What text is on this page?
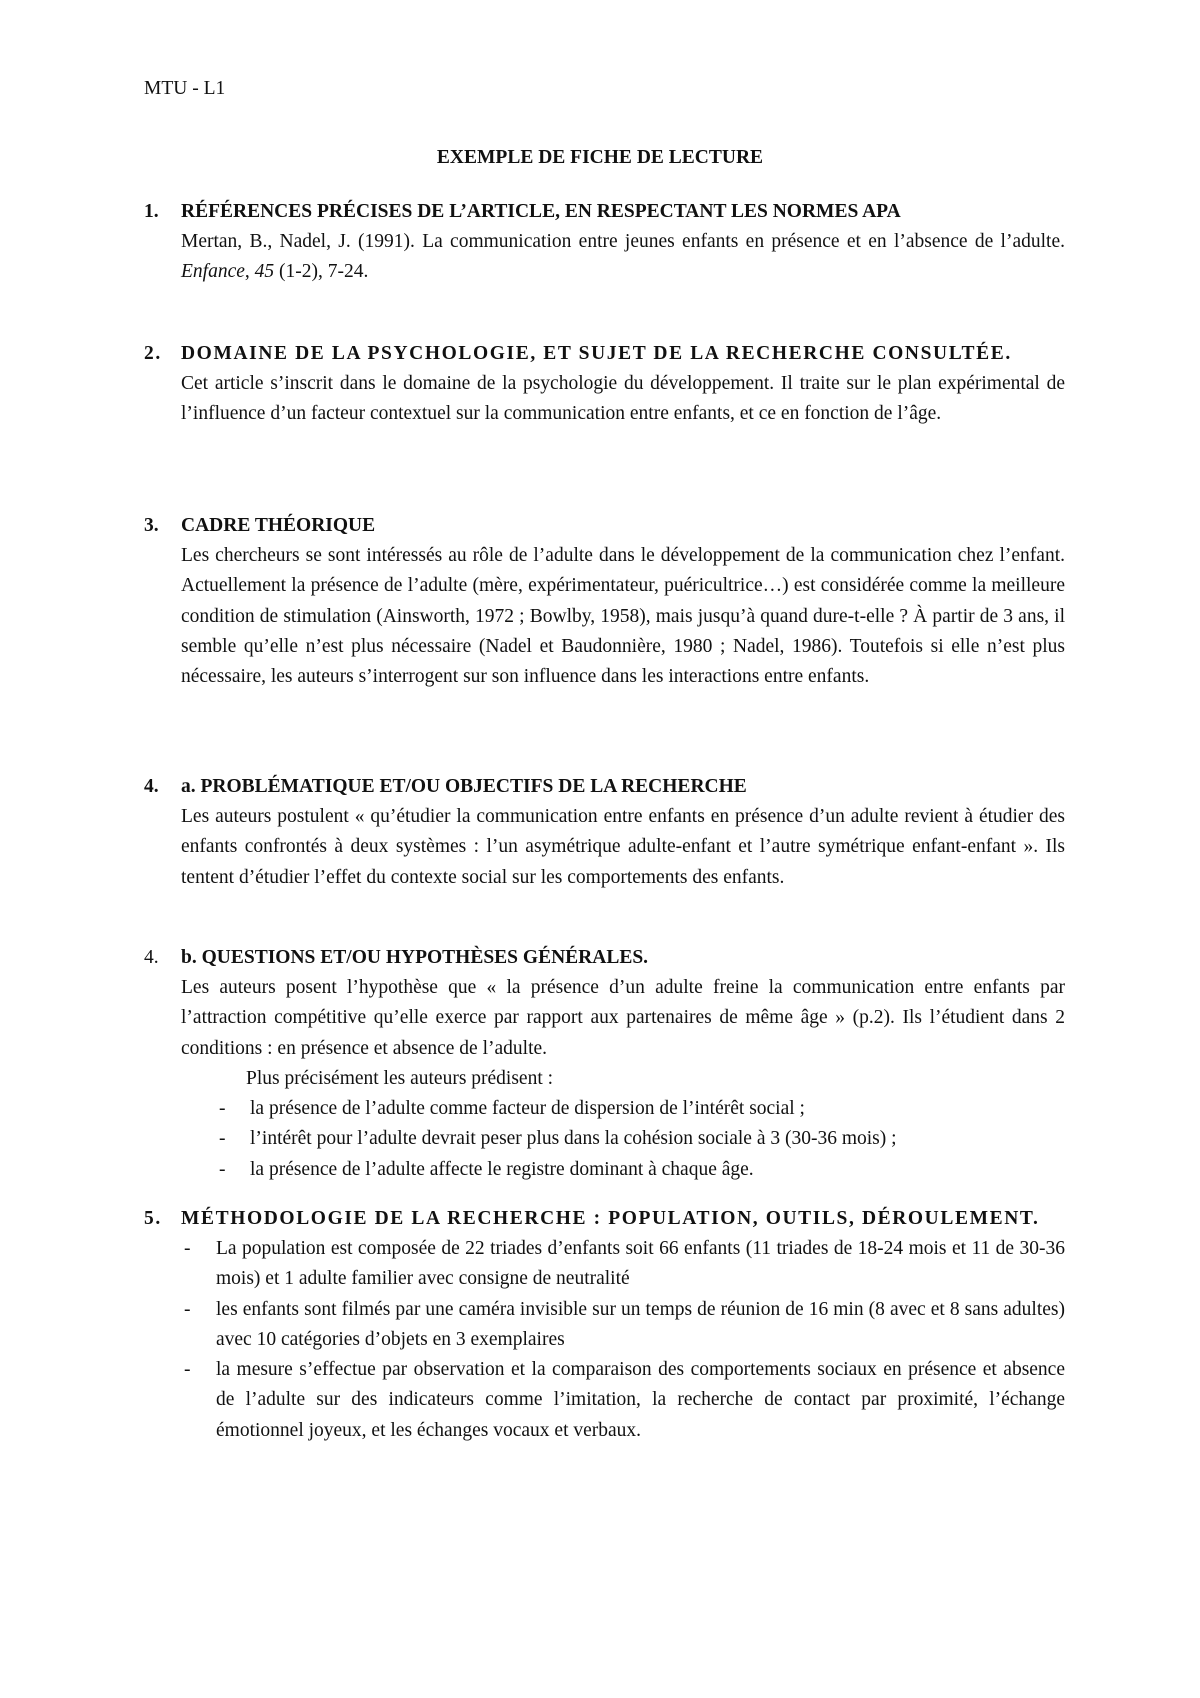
MTU - L1
EXEMPLE DE FICHE DE LECTURE
1. RÉFÉRENCES PRÉCISES DE L’ARTICLE, EN RESPECTANT LES NORMES APA
Mertan, B., Nadel, J. (1991). La communication entre jeunes enfants en présence et en l’absence de l’adulte. Enfance, 45 (1-2), 7-24.
2. DOMAINE DE LA PSYCHOLOGIE, ET SUJET DE LA RECHERCHE CONSULTÉE.
Cet article s’inscrit dans le domaine de la psychologie du développement. Il traite sur le plan expérimental de l’influence d’un facteur contextuel sur la communication entre enfants, et ce en fonction de l’âge.
3. CADRE THÉORIQUE
Les chercheurs se sont intéressés au rôle de l’adulte dans le développement de la communication chez l’enfant. Actuellement la présence de l’adulte (mère, expérimentateur, puéricultrice…) est considérée comme la meilleure condition de stimulation (Ainsworth, 1972 ; Bowlby, 1958), mais jusqu’à quand dure-t-elle ? À partir de 3 ans, il semble qu’elle n’est plus nécessaire (Nadel et Baudonnière, 1980 ; Nadel, 1986). Toutefois si elle n’est plus nécessaire, les auteurs s’interrogent sur son influence dans les interactions entre enfants.
4. a. PROBLÉMATIQUE ET/OU OBJECTIFS DE LA RECHERCHE
Les auteurs postulent « qu’étudier la communication entre enfants en présence d’un adulte revient à étudier des enfants confrontés à deux systèmes : l’un asymétrique adulte-enfant et l’autre symétrique enfant-enfant ». Ils tentent d’étudier l’effet du contexte social sur les comportements des enfants.
4. b. QUESTIONS ET/OU HYPOTHÈSES GÉNÉRALES.
Les auteurs posent l’hypothèse que « la présence d’un adulte freine la communication entre enfants par l’attraction compétitive qu’elle exerce par rapport aux partenaires de même âge » (p.2). Ils l’étudient dans 2 conditions : en présence et absence de l’adulte.
Plus précisément les auteurs prédisent :
- la présence de l’adulte comme facteur de dispersion de l’intérêt social ;
- l’intérêt pour l’adulte devrait peser plus dans la cohésion sociale à 3 (30-36 mois) ;
- la présence de l’adulte affecte le registre dominant à chaque âge.
5. MÉTHODOLOGIE DE LA RECHERCHE : POPULATION, OUTILS, DÉROULEMENT.
- La population est composée de 22 triades d’enfants soit 66 enfants (11 triades de 18-24 mois et 11 de 30-36 mois) et 1 adulte familier avec consigne de neutralité
- les enfants sont filmés par une caméra invisible sur un temps de réunion de 16 min (8 avec et 8 sans adultes) avec 10 catégories d’objets en 3 exemplaires
- la mesure s’effectue par observation et la comparaison des comportements sociaux en présence et absence de l’adulte sur des indicateurs comme l’imitation, la recherche de contact par proximité, l’échange émotionnel joyeux, et les échanges vocaux et verbaux.
